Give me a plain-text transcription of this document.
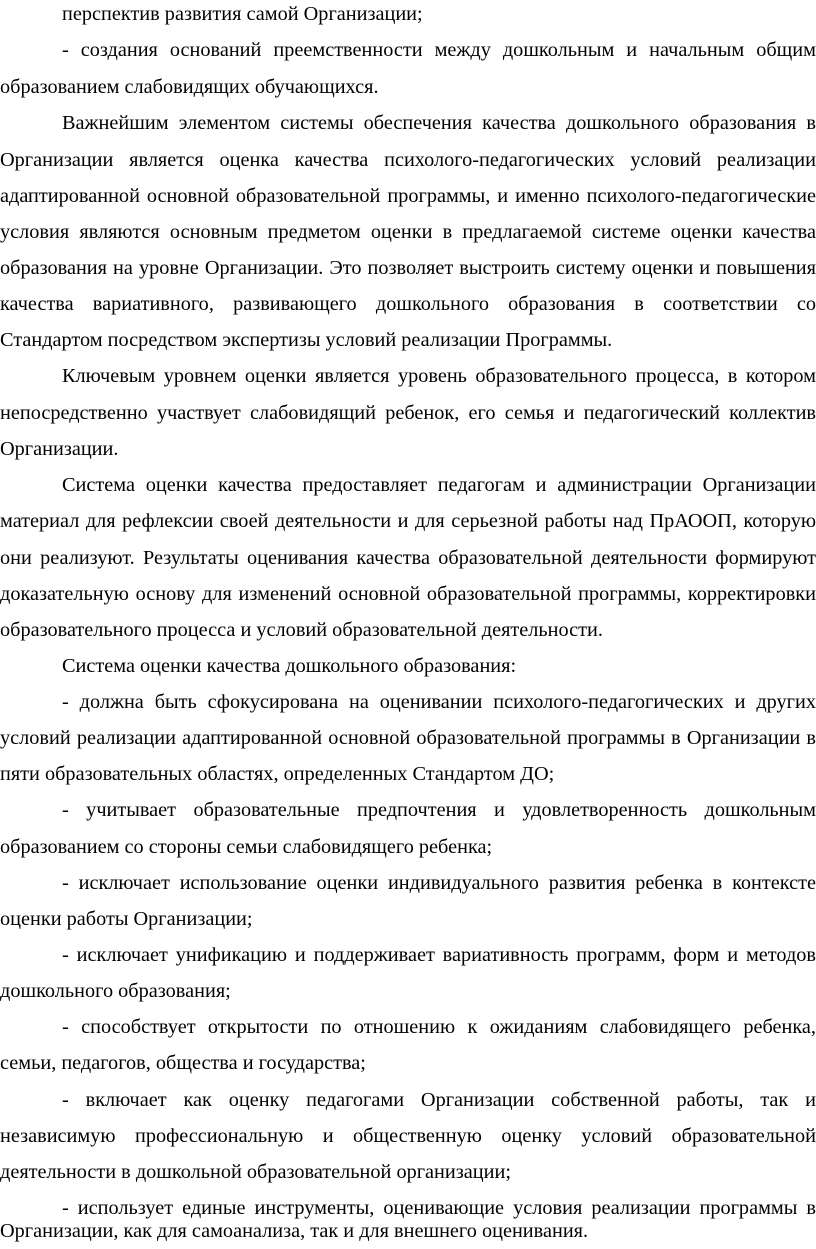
перспектив развития самой Организации;
- создания оснований преемственности между дошкольным и начальным общим
образованием слабовидящих обучающихся.
Важнейшим элементом системы обеспечения качества дошкольного образования в
Организации является оценка качества психолого-педагогических условий реализации
адаптированной основной образовательной программы, и именно психолого-педагогические
условия являются основным предметом оценки в предлагаемой системе оценки качества
образования на уровне Организации. Это позволяет выстроить систему оценки и повышения
качества вариативного, развивающего дошкольного образования в соответствии со
Стандартом посредством экспертизы условий реализации Программы.
Ключевым уровнем оценки является уровень образовательного процесса, в котором
непосредственно участвует слабовидящий ребенок, его семья и педагогический коллектив
Организации.
Система оценки качества предоставляет педагогам и администрации Организации
материал для рефлексии своей деятельности и для серьезной работы над ПрАООП, которую
они реализуют. Результаты оценивания качества образовательной деятельности формируют
доказательную основу для изменений основной образовательной программы, корректировки
образовательного процесса и условий образовательной деятельности.
Система оценки качества дошкольного образования:
- должна быть сфокусирована на оценивании психолого-педагогических и других
условий реализации адаптированной основной образовательной программы в Организации в
пяти образовательных областях, определенных Стандартом ДО;
- учитывает образовательные предпочтения и удовлетворенность дошкольным
образованием со стороны семьи слабовидящего ребенка;
- исключает использование оценки индивидуального развития ребенка в контексте
оценки работы Организации;
- исключает унификацию и поддерживает вариативность программ, форм и методов
дошкольного образования;
- способствует открытости по отношению к ожиданиям слабовидящего ребенка,
семьи, педагогов, общества и государства;
- включает как оценку педагогами Организации собственной работы, так и
независимую профессиональную и общественную оценку условий образовательной
деятельности в дошкольной образовательной организации;
- использует единые инструменты, оценивающие условия реализации программы в
Организации, как для самоанализа, так и для внешнего оценивания.
